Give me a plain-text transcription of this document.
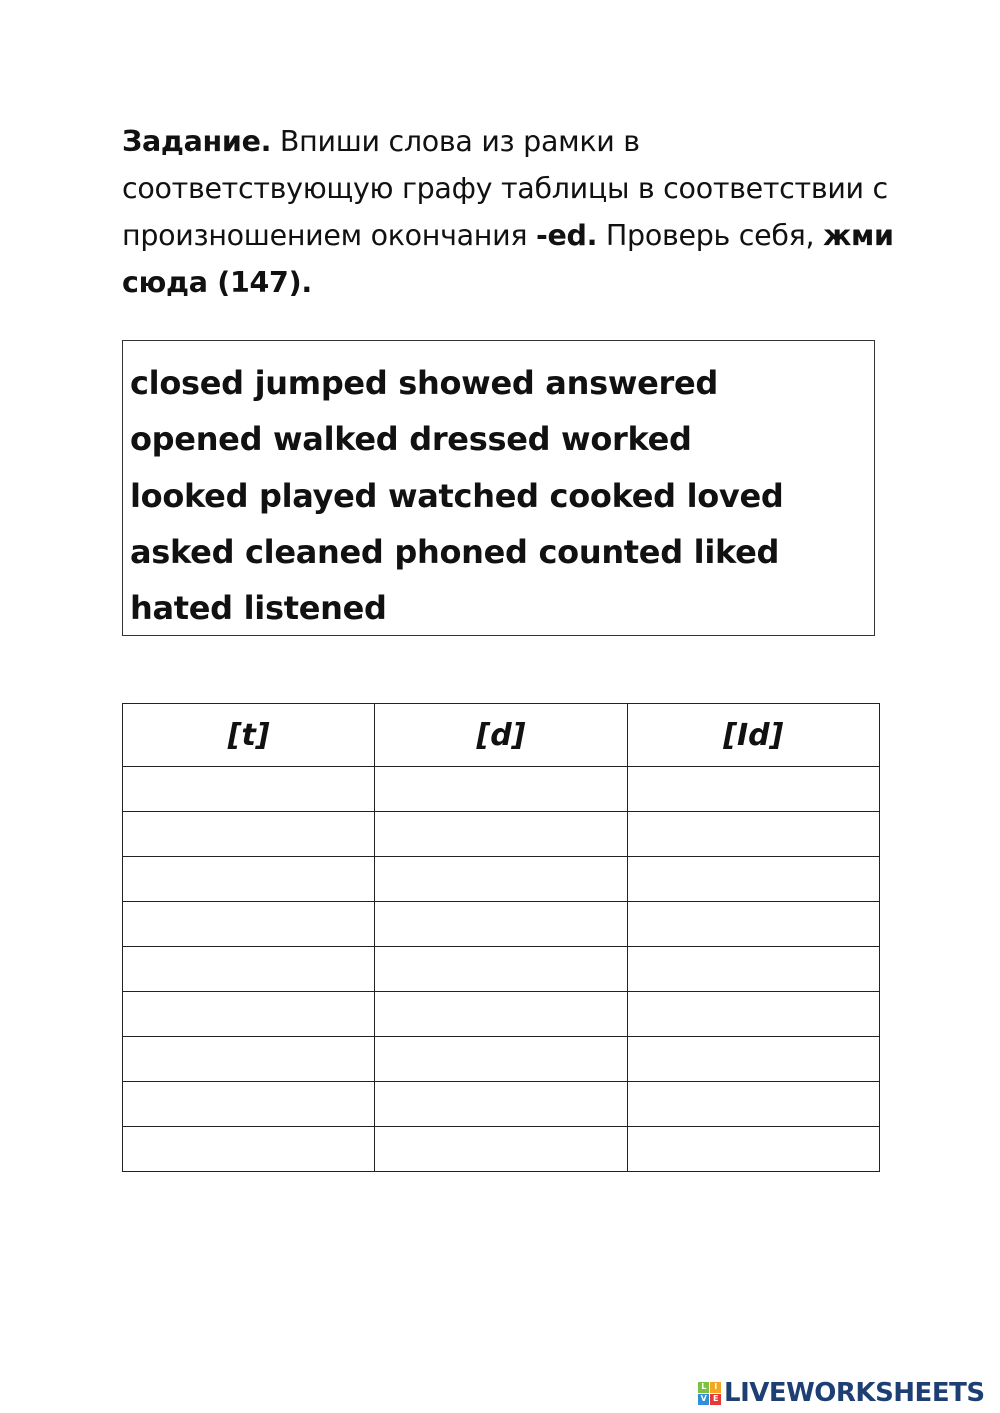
Задание. Впиши слова из рамки в соответствующую графу таблицы в соответствии с произношением окончания -ed. Проверь себя, жми сюда (147).
closed jumped showed answered
opened walked dressed worked
looked played watched cooked loved
asked cleaned phoned counted liked
hated listened
[t]	[d]	[Id]

L	I
V E LIVEWORKSHEETS
